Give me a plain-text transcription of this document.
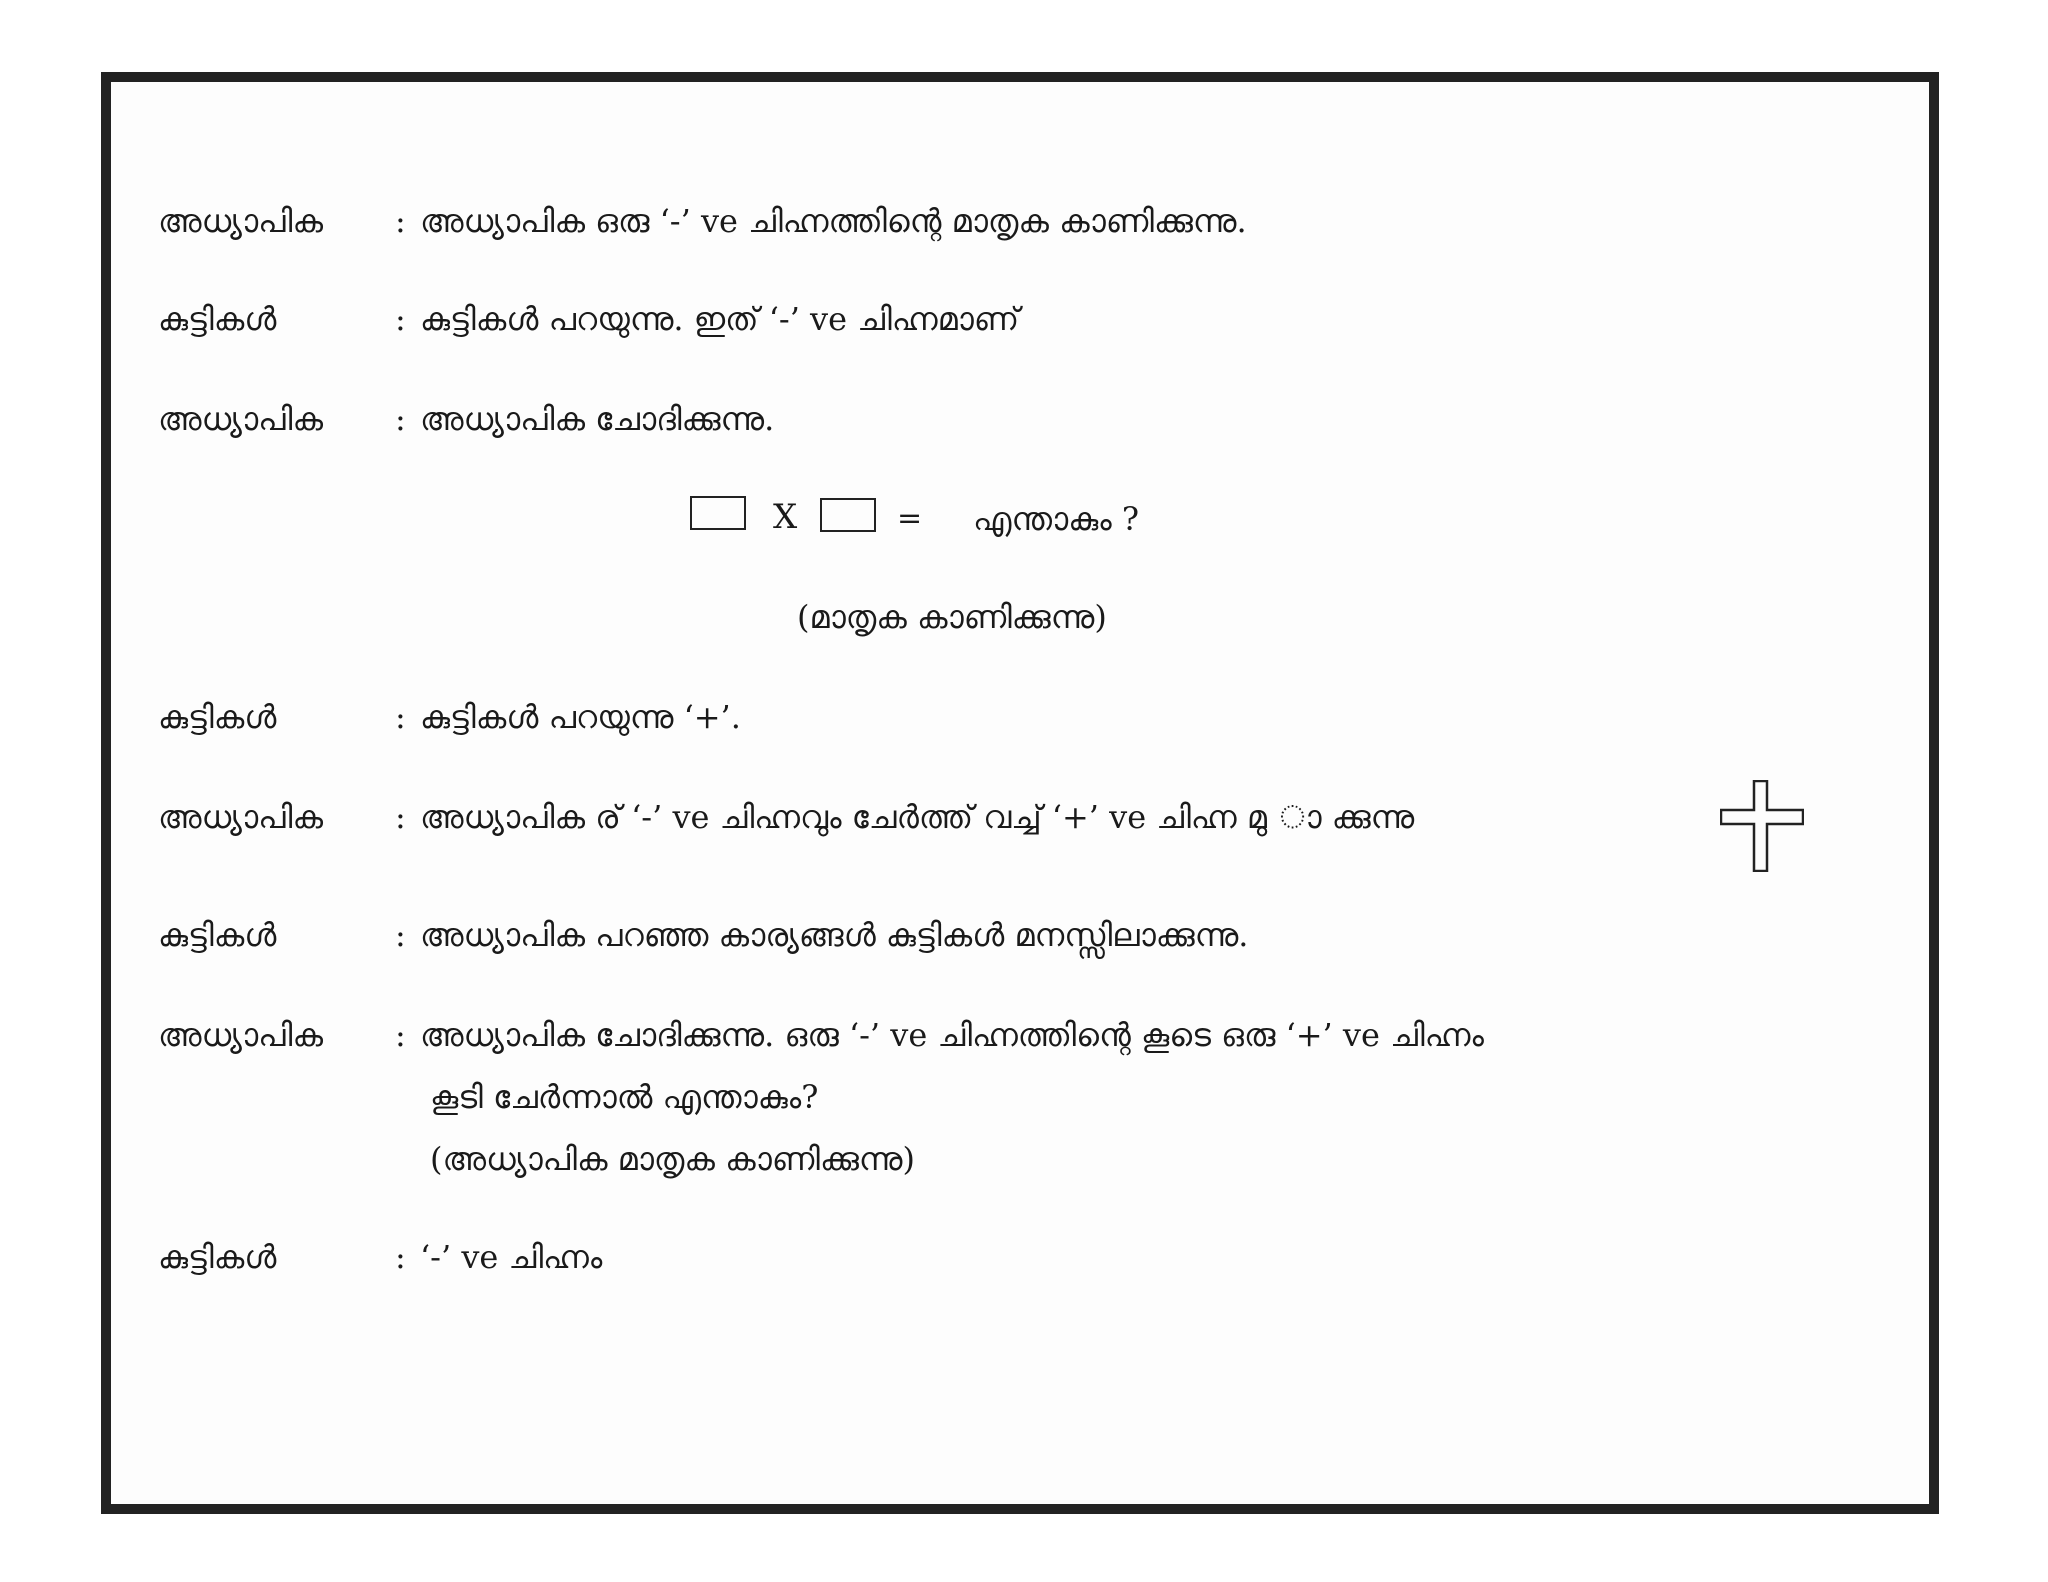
അധ്യാപിക : അധ്യാപിക ഒരു ‘-’ ve ചിഹ്നത്തിന്റെ മാതൃക കാണിക്കുന്നു.
കുട്ടികൾ	: കുട്ടികൾ പറയുന്നു. ഇത് ‘-’ ve ചിഹ്നമാണ്
അധ്യാപിക : അധ്യാപിക ചോദിക്കുന്നു.
X	= എന്താകും ?
(മാതൃക കാണിക്കുന്നു)
കുട്ടികൾ	: കുട്ടികൾ പറയുന്നു ‘+’.
അധ്യാപിക : അധ്യാപിക ര് ‘-’ ve ചിഹ്നവും ചേർത്ത് വച്ച് ‘+’ ve ചിഹ്ന മു ാ ക്കുന്നു
കുട്ടികൾ	: അധ്യാപിക പറഞ്ഞ കാര്യങ്ങൾ കുട്ടികൾ മനസ്സിലാക്കുന്നു.
അധ്യാപിക : അധ്യാപിക ചോദിക്കുന്നു. ഒരു ‘-’ ve ചിഹ്നത്തിന്റെ കൂടെ ഒരു ‘+’ ve ചിഹ്നം
കൂടി ചേർന്നാൽ എന്താകും?
(അധ്യാപിക മാതൃക കാണിക്കുന്നു)
കുട്ടികൾ	: ‘-’ ve ചിഹ്നം
